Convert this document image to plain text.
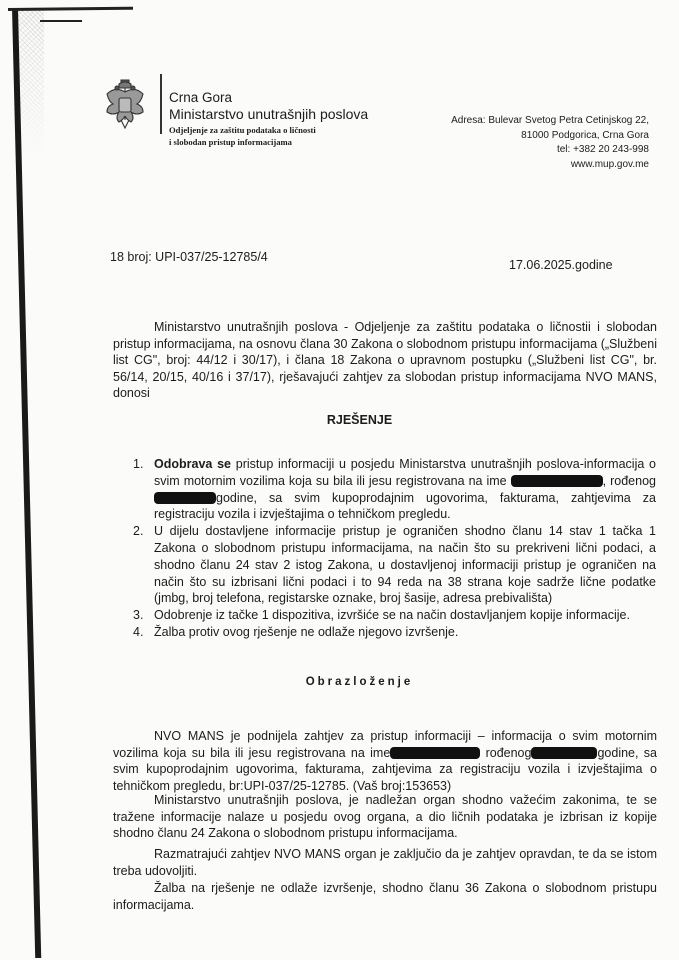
Crna Gora
Ministarstvo unutrašnjih poslova
Odjeljenje za zaštitu podataka o ličnosti
i slobodan pristup informacijama
Adresa: Bulevar Svetog Petra Cetinjskog 22,
81000 Podgorica, Crna Gora
tel: +382 20 243-998
www.mup.gov.me
18 broj: UPI-037/25-12785/4
17.06.2025.godine
Ministarstvo unutrašnjih poslova - Odjeljenje za zaštitu podataka o ličnostii i slobodan pristup informacijama, na osnovu člana 30 Zakona o slobodnom pristupu informacijama („Službeni list CG", broj: 44/12 i 30/17), i člana 18 Zakona o upravnom postupku („Službeni list CG", br. 56/14, 20/15, 40/16 i 37/17), rješavajući zahtjev za slobodan pristup informacijama NVO MANS, donosi
RJEŠENJE
1. Odobrava se pristup informaciji u posjedu Ministarstva unutrašnjih poslova-informacija o svim motornim vozilima koja su bila ili jesu registrovana na ime	, rođenog godine, sa svim kupoprodajnim ugovorima, fakturama, zahtjevima za registraciju vozila i izvještajima o tehničkom pregledu.
2. U dijelu dostavljene informacije pristup je ograničen shodno članu 14 stav 1 tačka 1 Zakona o slobodnom pristupu informacijama, na način što su prekriveni lični podaci, a shodno članu 24 stav 2 istog Zakona, u dostavljenoj informaciji pristup je ograničen na način što su izbrisani lični podaci i to 94 reda na 38 strana koje sadrže lične podatke (jmbg, broj telefona, registarske oznake, broj šasije, adresa prebivališta)
3. Odobrenje iz tačke 1 dispozitiva, izvršiće se na način dostavljanjem kopije informacije.
4. Žalba protiv ovog rješenje ne odlaže njegovo izvršenje.
Obrazloženje
NVO MANS je podnijela zahtjev za pristup informaciji – informacija o svim motornim vozilima koja su bila ili jesu registrovana na ime	rođenog	godine, sa svim kupoprodajnim ugovorima, fakturama, zahtjevima za registraciju vozila i izvještajima o tehničkom pregledu, br:UPI-037/25-12785. (Vaš broj:153653)
Ministarstvo unutrašnjih poslova, je nadležan organ shodno važećim zakonima, te se tražene informacije nalaze u posjedu ovog organa, a dio ličnih podataka je izbrisan iz kopije shodno članu 24 Zakona o slobodnom pristupu informacijama.
Razmatrajući zahtjev NVO MANS organ je zaključio da je zahtjev opravdan, te da se istom treba udovoljiti.
Žalba na rješenje ne odlaže izvršenje, shodno članu 36 Zakona o slobodnom pristupu informacijama.
